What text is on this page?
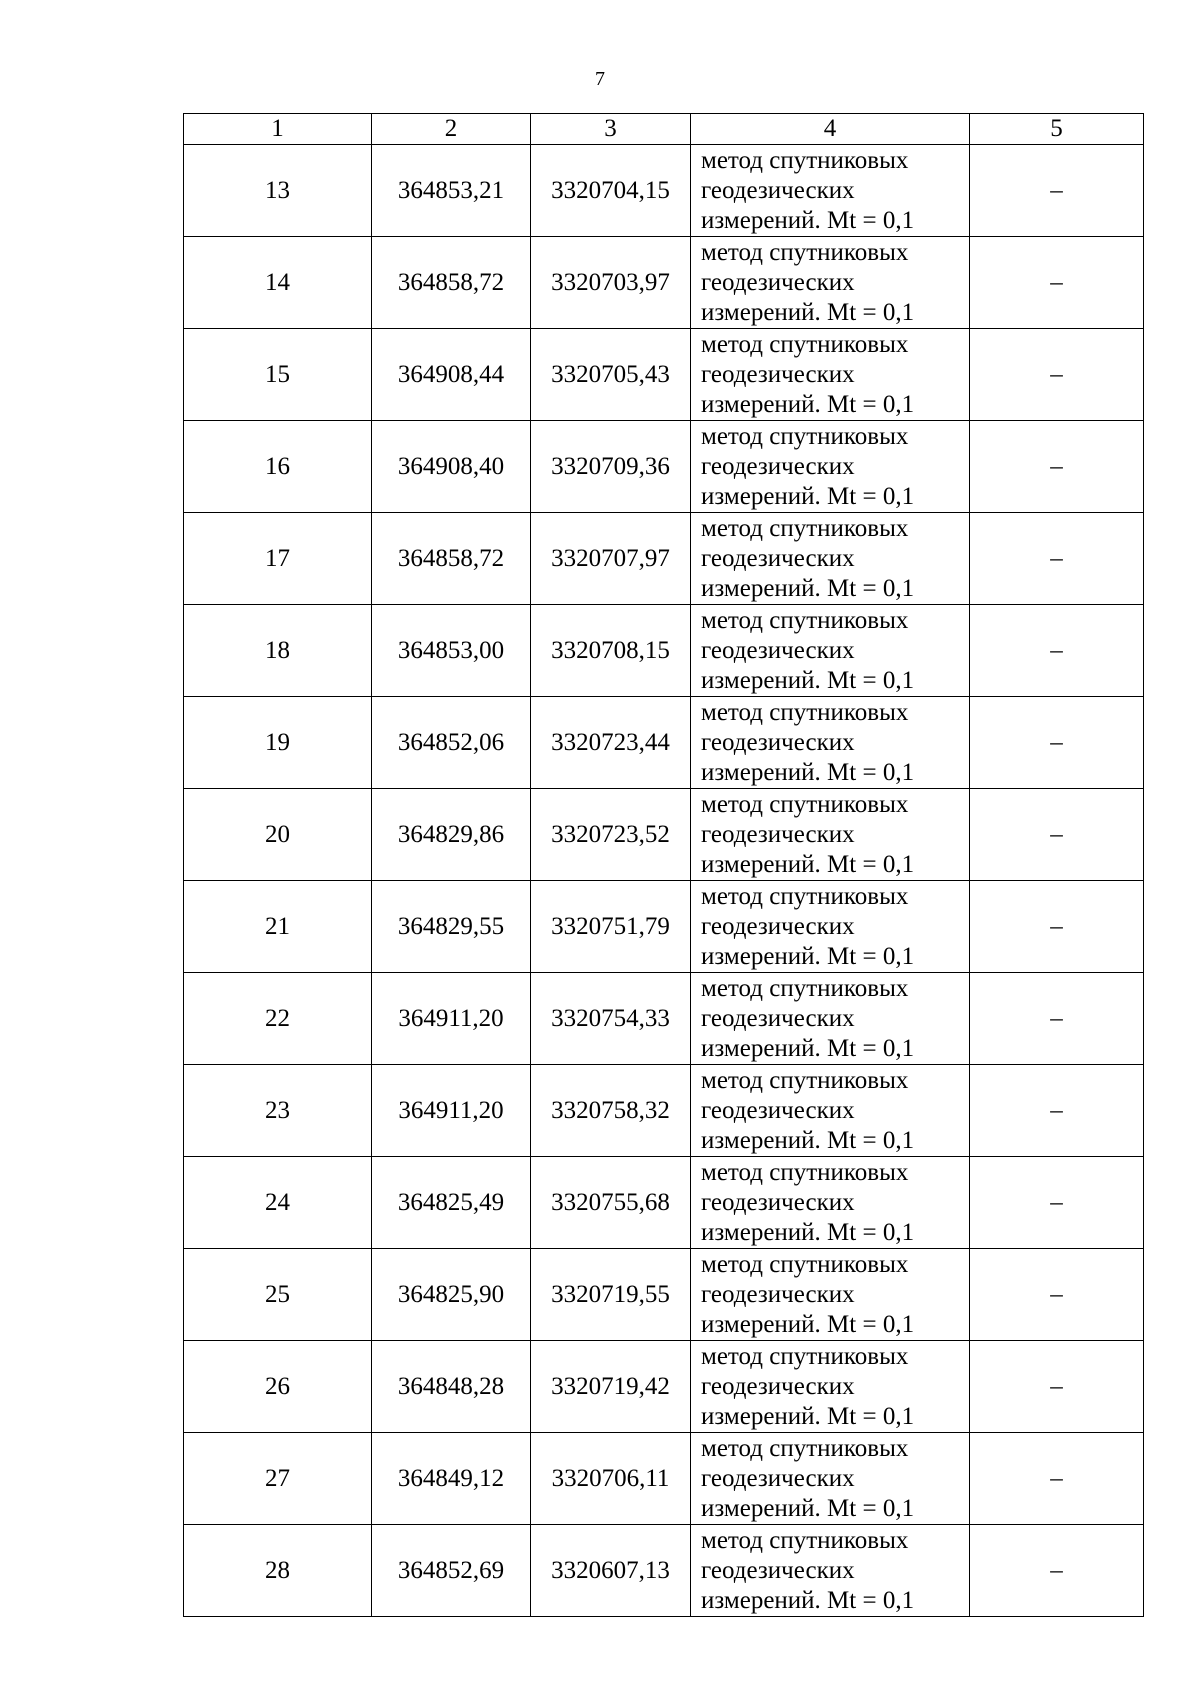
7
1	2	3	4	5
13	364853,21	3320704,15	метод спутниковых
геодезических
измерений. Mt = 0,1	–
14	364858,72	3320703,97	метод спутниковых
геодезических
измерений. Mt = 0,1	–
15	364908,44	3320705,43	метод спутниковых
геодезических
измерений. Mt = 0,1	–
16	364908,40	3320709,36	метод спутниковых
геодезических
измерений. Mt = 0,1	–
17	364858,72	3320707,97	метод спутниковых
геодезических
измерений. Mt = 0,1	–
18	364853,00	3320708,15	метод спутниковых
геодезических
измерений. Mt = 0,1	–
19	364852,06	3320723,44	метод спутниковых
геодезических
измерений. Mt = 0,1	–
20	364829,86	3320723,52	метод спутниковых
геодезических
измерений. Mt = 0,1	–
21	364829,55	3320751,79	метод спутниковых
геодезических
измерений. Mt = 0,1	–
22	364911,20	3320754,33	метод спутниковых
геодезических
измерений. Mt = 0,1	–
23	364911,20	3320758,32	метод спутниковых
геодезических
измерений. Mt = 0,1	–
24	364825,49	3320755,68	метод спутниковых
геодезических
измерений. Mt = 0,1	–
25	364825,90	3320719,55	метод спутниковых
геодезических
измерений. Mt = 0,1	–
26	364848,28	3320719,42	метод спутниковых
геодезических
измерений. Mt = 0,1	–
27	364849,12	3320706,11	метод спутниковых
геодезических
измерений. Mt = 0,1	–
28	364852,69	3320607,13	метод спутниковых
геодезических
измерений. Mt = 0,1	–
